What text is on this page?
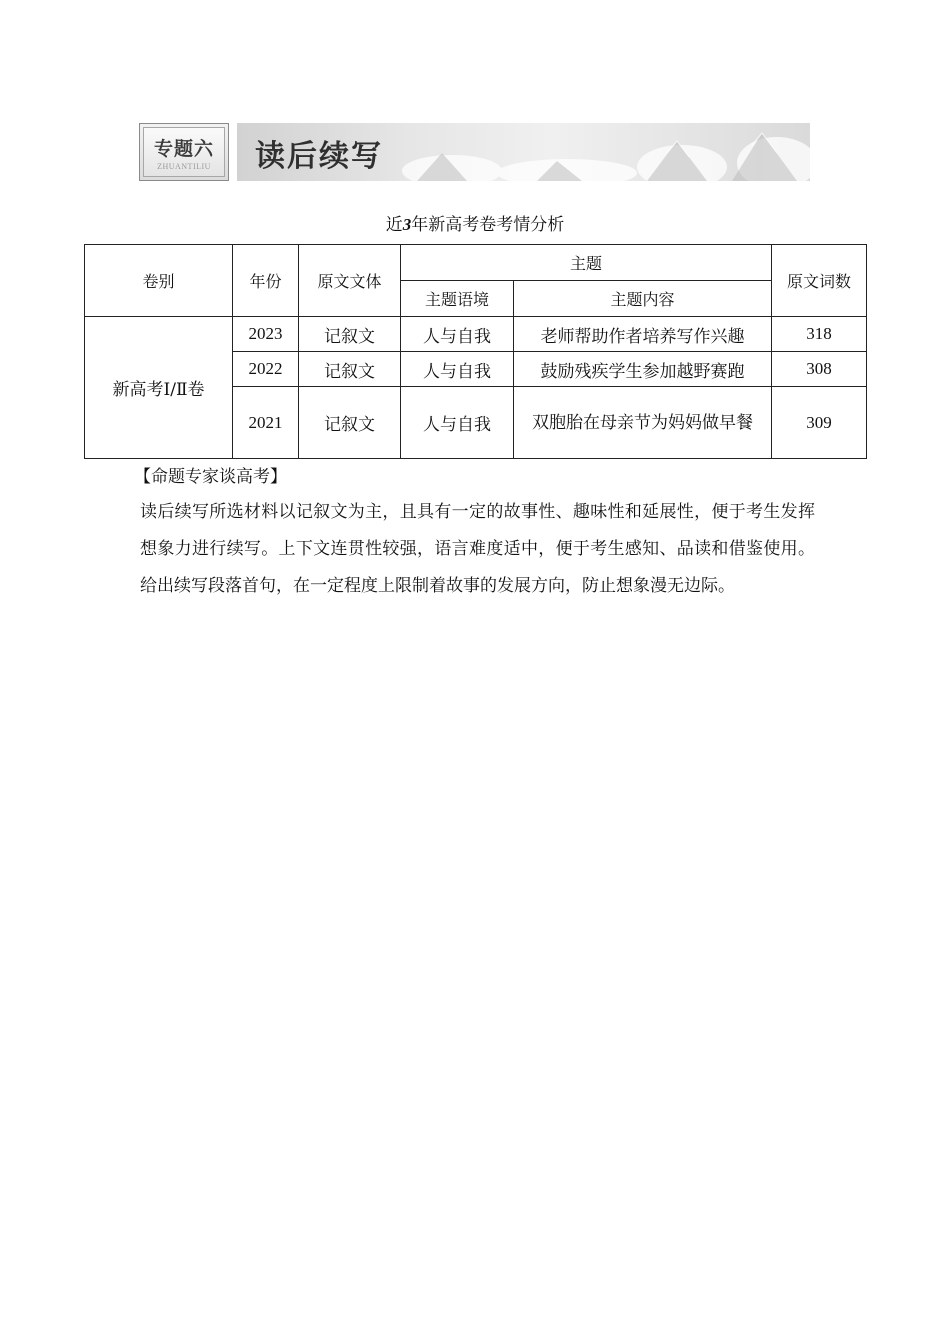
专题六
ZHUANTILIU	读后续写
近3年新高考卷考情分析
卷别	年份	原文文体	主题		原文词数
			主题语境	主题内容	
新高考Ⅰ/Ⅱ卷	2023	记叙文	人与自我	老师帮助作者培养写作兴趣	318
	2022	记叙文	人与自我	鼓励残疾学生参加越野赛跑	308
	2021	记叙文	人与自我	双胞胎在母亲节为妈妈做早餐	309
【命题专家谈高考】
读后续写所选材料以记叙文为主，且具有一定的故事性、趣味性和延展性，便于考生发挥想象力进行续写。上下文连贯性较强，语言难度适中，便于考生感知、品读和借鉴使用。给出续写段落首句，在一定程度上限制着故事的发展方向，防止想象漫无边际。
